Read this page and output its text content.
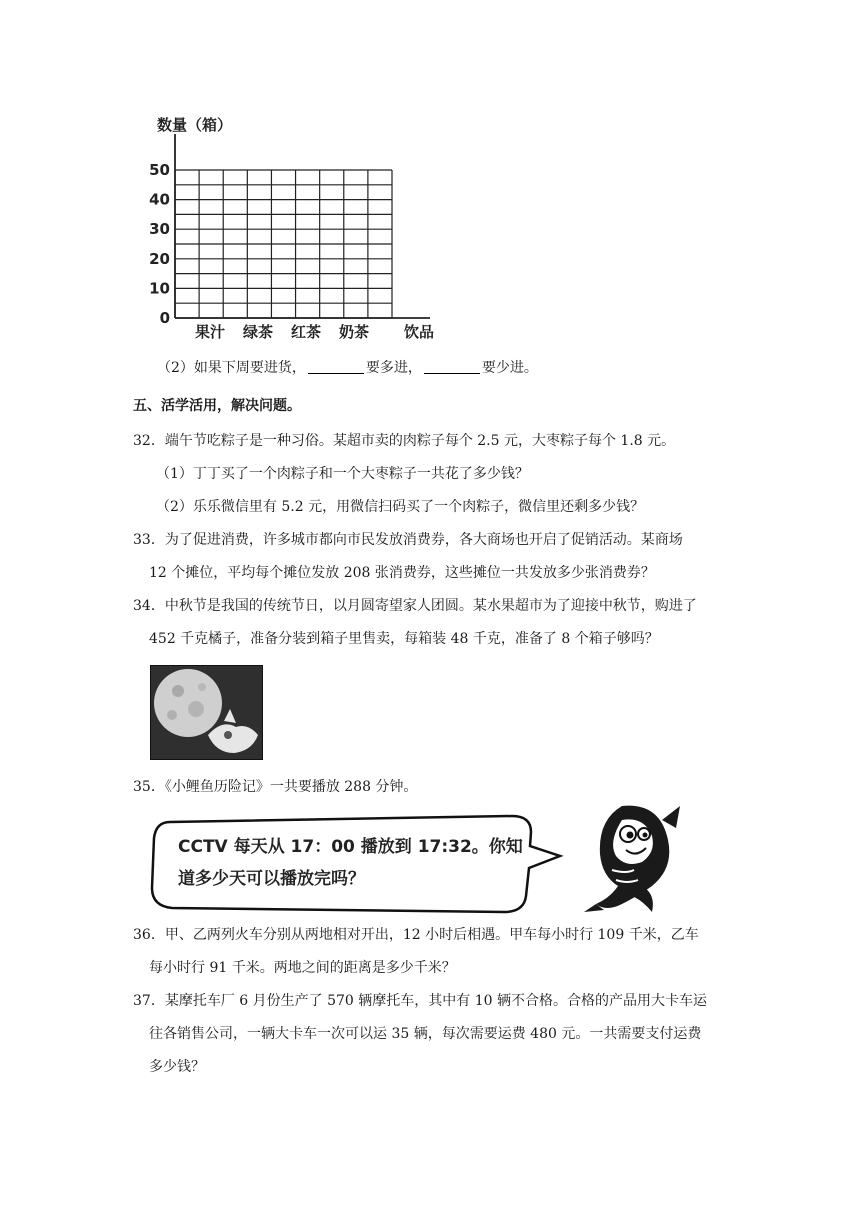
数量（箱）
0
10
20
30
40
50
果汁 绿茶 红茶 奶茶 饮品
（2）如果下周要进货，	要多进，	要少进。
五、活学活用，解决问题。
32．端午节吃粽子是一种习俗。某超市卖的肉粽子每个 2.5 元，大枣粽子每个 1.8 元。
（1）丁丁买了一个肉粽子和一个大枣粽子一共花了多少钱？
（2）乐乐微信里有 5.2 元，用微信扫码买了一个肉粽子，微信里还剩多少钱？
33．为了促进消费，许多城市都向市民发放消费券，各大商场也开启了促销活动。某商场
12 个摊位，平均每个摊位发放 208 张消费券，这些摊位一共发放多少张消费券？
34．中秋节是我国的传统节日，以月圆寄望家人团圆。某水果超市为了迎接中秋节，购进了
452 千克橘子，准备分装到箱子里售卖，每箱装 48 千克，准备了 8 个箱子够吗？
35．《小鲤鱼历险记》一共要播放 288 分钟。
CCTV 每天从 17：00 播放到 17:32。你知
道多少天可以播放完吗？
36．甲、乙两列火车分别从两地相对开出，12 小时后相遇。甲车每小时行 109 千米，乙车
每小时行 91 千米。两地之间的距离是多少千米？
37．某摩托车厂 6 月份生产了 570 辆摩托车，其中有 10 辆不合格。合格的产品用大卡车运
往各销售公司，一辆大卡车一次可以运 35 辆，每次需要运费 480 元。一共需要支付运费
多少钱？
